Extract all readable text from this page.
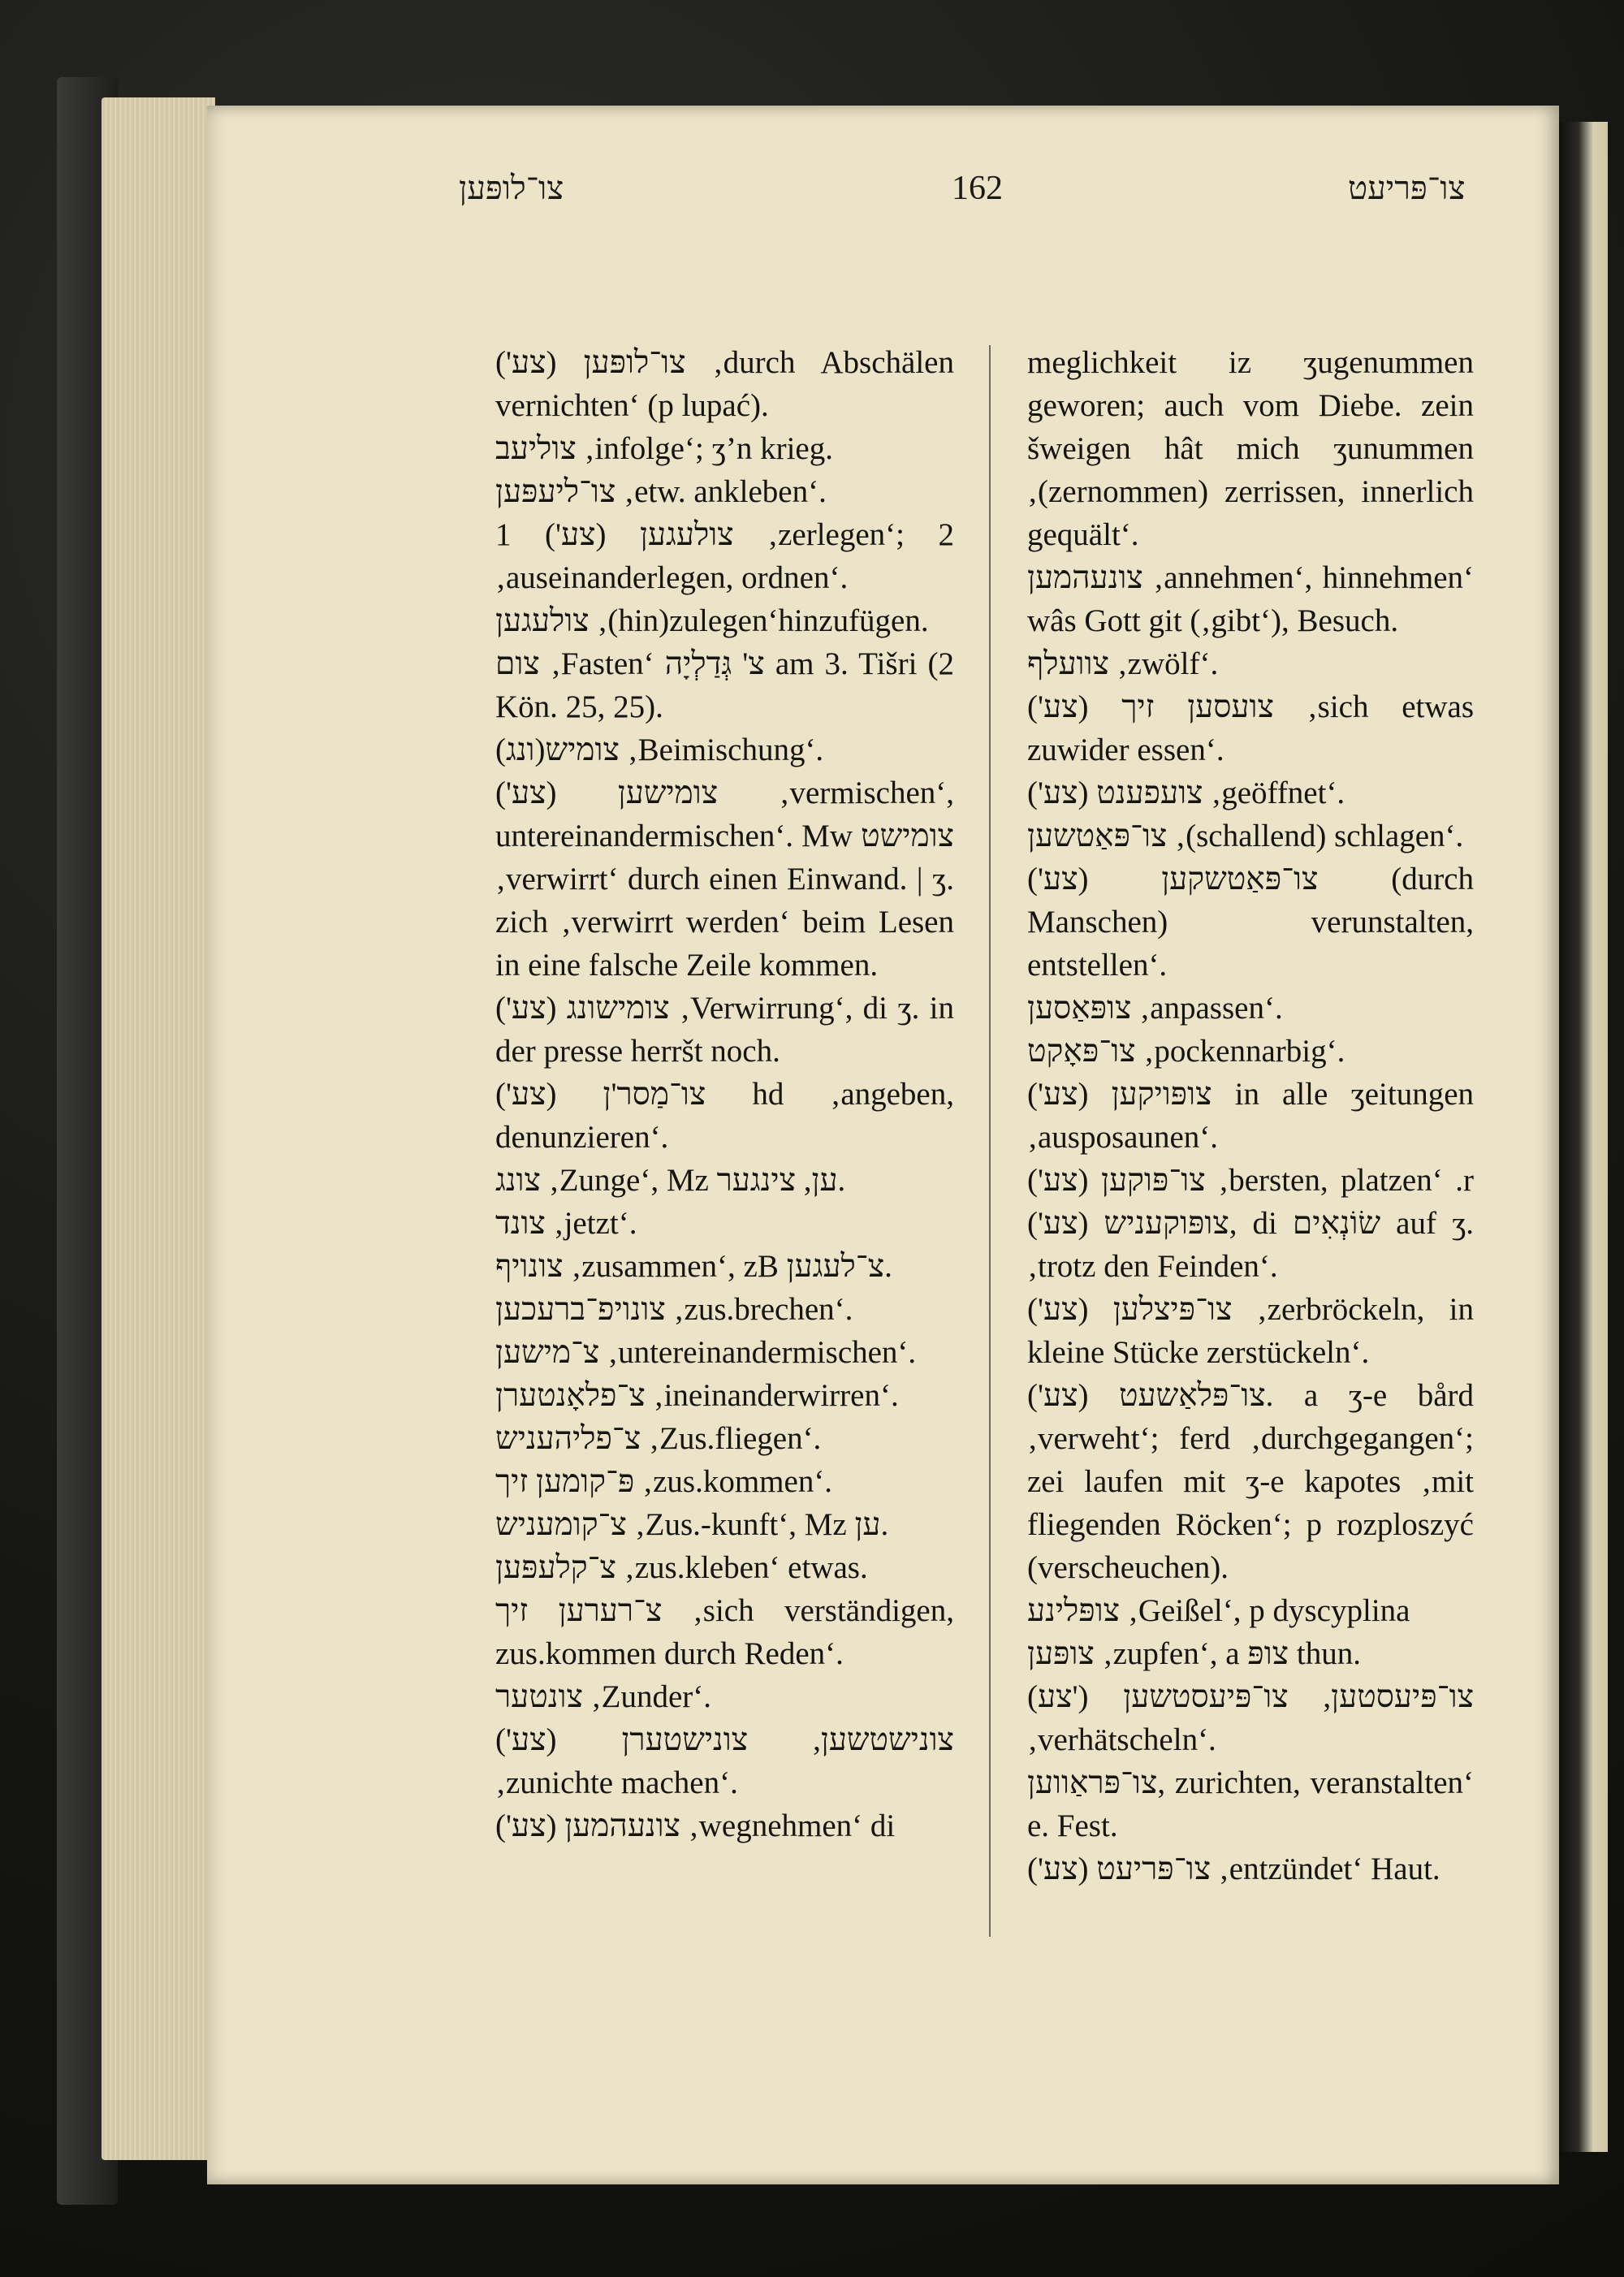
צו־לופּען	162	צו־פּריעט

צו־לופּען (צע') ‚durch Abschälen vernichten‘ (p lupać).

צוליעב ‚infolge‘; ʒ’n krieg.

צו־ליעפּען ‚etw. ankleben‘.

צולעגען (צע') 1 ‚zerlegen‘; 2 ‚auseinanderlegen, ordnen‘.

צולעגען ‚(hin)zulegen‘hinzufügen.

צום ‚Fasten‘ צ' גְּדַלְיָה am 3. Tišri (2 Kön. 25, 25).

צומיש(ונג) ‚Beimischung‘.

צומישען (צע') ‚vermischen‘, untereinandermischen‘. Mw צומישט ‚verwirrt‘ durch einen Einwand. | ʒ. zich ‚verwirrt werden‘ beim Lesen in eine falsche Zeile kommen.

צומישונג (צע') ‚Verwirrung‘, di ʒ. in der presse herršt noch.

צו־מַסר'ן (צע') hd ‚angeben, denunzieren‘.

צונג ‚Zunge‘, Mz ען, צינגער.

צונד ‚jetzt‘.

צונויף ‚zusammen‘, zB צ־לעגען.

צונויפ־ברעכען ‚zus.brechen‘.

צ־מישען ‚untereinandermischen‘.

צ־פלאָנטערן ‚ineinanderwirren‘.

צ־פליהעניש ‚Zus.fliegen‘.

פּ־קומען זיך ‚zus.kommen‘.

צ־קומעניש ‚Zus.-kunft‘, Mz ען.

צ־קלעפּען ‚zus.kleben‘ etwas.

צ־רערען זיך ‚sich verständigen, zus.kommen durch Reden‘.

צונטער ‚Zunder‘.

צונישטשען, צונישטערן (צע') ‚zunichte machen‘.

צונעהמען (צע') ‚wegnehmen‘ di

meglichkeit iz ʒugenummen geworen; auch vom Diebe. zein šweigen hât mich ʒunummen ‚(zernommen) zerrissen, innerlich gequält‘.

צונעהמען ‚annehmen‘, hinnehmen‘ wâs Gott git (‚gibt‘), Besuch.

צוועלף ‚zwölf‘.

צועסען זיך (צע') ‚sich etwas zuwider essen‘.

צועפענט (צע') ‚geöffnet‘.

צו־פּאַטשען ‚(schallend) schlagen‘.

צו־פּאַטשקען (צע') (durch Manschen) verunstalten, entstellen‘.

צופּאַסען ‚anpassen‘.

צו־פּאָקט ‚pockennarbig‘.

צופּויקען (צע') in alle ʒeitungen ‚ausposaunen‘.

צו־פּוקען (צע') ‚bersten, platzen‘ .r צופּוקעניש (צע'), di שׂוֹנְאִים auf ʒ. ‚trotz den Feinden‘.

צו־פּיצלען (צע') ‚zerbröckeln, in kleine Stücke zerstückeln‘.

צו־פּלאַשעט (צע'). a ʒ-e bård ‚verweht‘; ferd ‚durchgegangen‘; zei laufen mit ʒ-e kapotes ‚mit fliegenden Röcken‘; p rozploszyć (verscheuchen).

צופּלינע ‚Geißel‘, p dyscyplina

צופּען ‚zupfen‘, a צופּ thun.

(צע') צו־פּיעסטען, צו־פּיעסטשען ‚verhätscheln‘.

צו־פּראַווען, zurichten, veranstalten‘ e. Fest.

צו־פּריעט (צע') ‚entzündet‘ Haut.
